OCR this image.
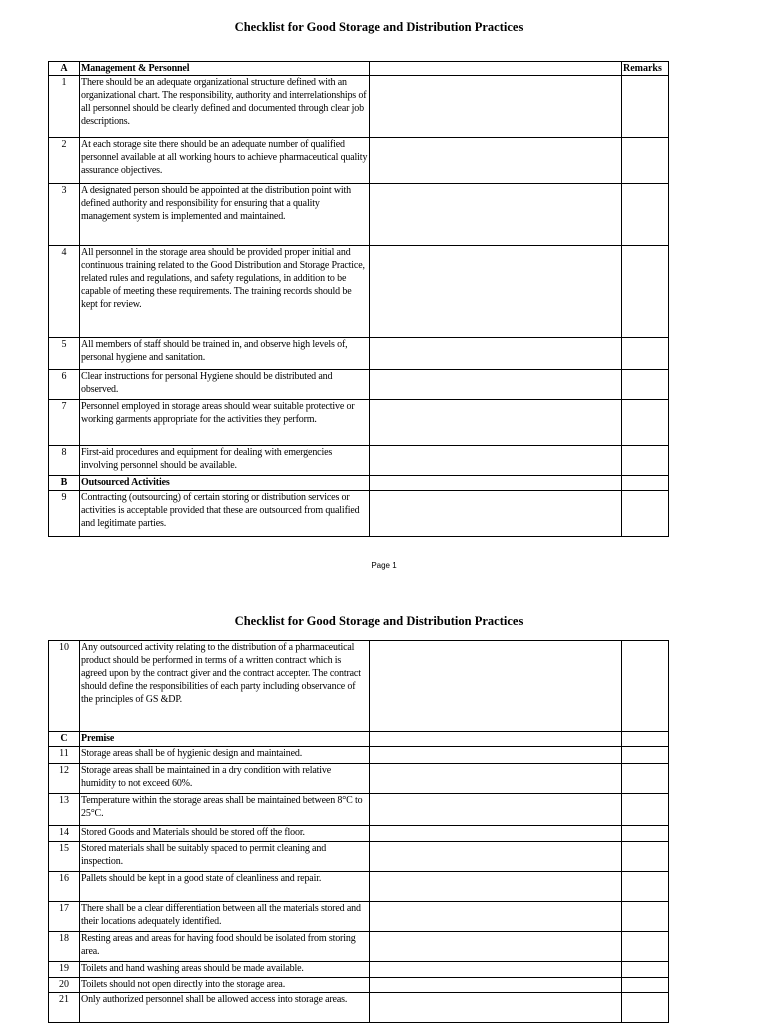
Checklist for Good Storage and Distribution Practices
A	Management & Personnel		Remarks
1	There should be an adequate organizational structure defined with an organizational chart. The responsibility, authority and interrelationships of all personnel should be clearly defined and documented through clear job descriptions.		
2	At each storage site there should be an adequate number of qualified personnel available at all working hours to achieve pharmaceutical quality assurance objectives.		
3	A designated person should be appointed at the distribution point with defined authority and responsibility for ensuring that a quality management system is implemented and maintained.		
4	All personnel in the storage area should be provided proper initial and continuous training related to the Good Distribution and Storage Practice, related rules and regulations, and safety regulations, in addition to be capable of meeting these requirements. The training records should be kept for review.		
5	All members of staff should be trained in, and observe high levels of, personal hygiene and sanitation.		
6	Clear instructions for personal Hygiene should be distributed and observed.		
7	Personnel employed in storage areas should wear suitable protective or working garments appropriate for the activities they perform.		
8	First-aid procedures and equipment for dealing with emergencies involving personnel should be available.		
B	Outsourced Activities		
9	Contracting (outsourcing) of certain storing or distribution services or activities is acceptable provided that these are outsourced from qualified and legitimate parties.		
Page 1
Checklist for Good Storage and Distribution Practices
10	Any outsourced activity relating to the distribution of a pharmaceutical product should be performed in terms of a written contract which is agreed upon by the contract giver and the contract accepter. The contract should define the responsibilities of each party including observance of the principles of GS &DP.		
C	Premise		
11	Storage areas shall be of hygienic design and maintained.		
12	Storage areas shall be maintained in a dry condition with relative humidity to not exceed 60%.		
13	Temperature within the storage areas shall be maintained between 8°C to 25°C.		
14	Stored Goods and Materials should be stored off the floor.		
15	Stored materials shall be suitably spaced to permit cleaning and inspection.		
16	Pallets should be kept in a good state of cleanliness and repair.		
17	There shall be a clear differentiation between all the materials stored and their locations adequately identified.		
18	Resting areas and areas for having food should be isolated from storing area.		
19	Toilets and hand washing areas should be made available.		
20	Toilets should not open directly into the storage area.		
21	Only authorized personnel shall be allowed access into storage areas.		
